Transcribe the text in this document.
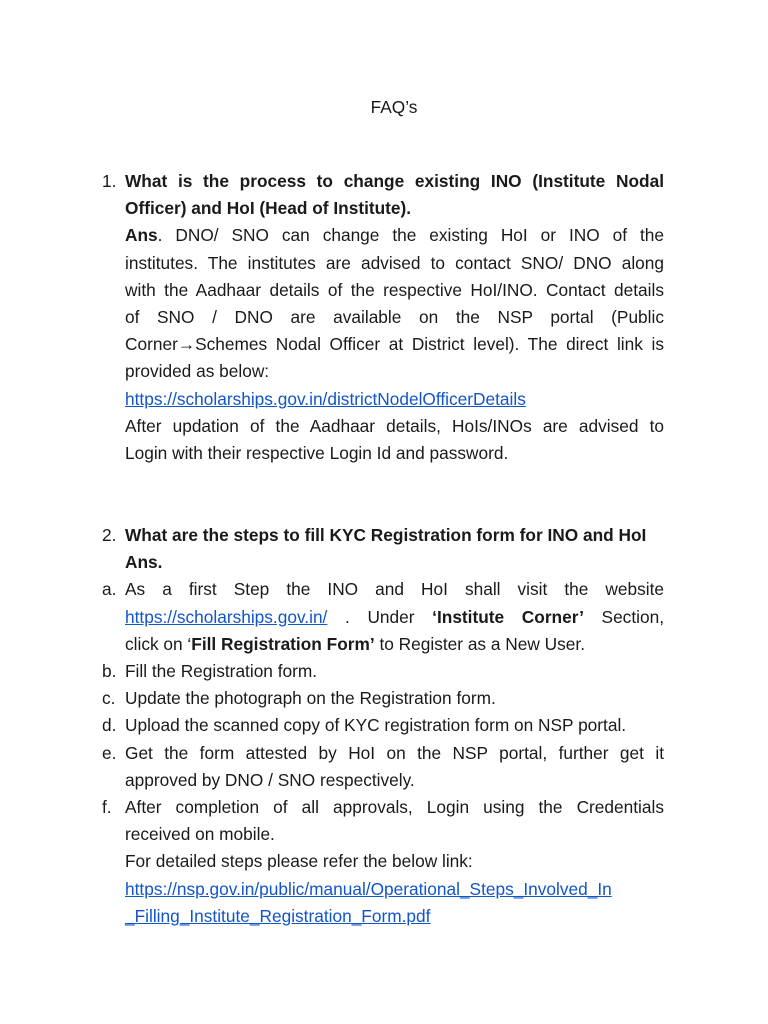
FAQ’s
1. What is the process to change existing INO (Institute Nodal
Officer) and HoI (Head of Institute).
Ans. DNO/ SNO can change the existing HoI or INO of the
institutes. The institutes are advised to contact SNO/ DNO along
with the Aadhaar details of the respective HoI/INO. Contact details
of SNO / DNO are available on the NSP portal (Public
Corner→Schemes Nodal Officer at District level). The direct link is
provided as below:
https://scholarships.gov.in/districtNodelOfficerDetails
After updation of the Aadhaar details, HoIs/INOs are advised to
Login with their respective Login Id and password.
2. What are the steps to fill KYC Registration form for INO and HoI
Ans.
a. As a first Step the INO and HoI shall visit the website
https://scholarships.gov.in/ . Under ‘Institute Corner’ Section,
click on ‘Fill Registration Form’ to Register as a New User.
b. Fill the Registration form.
c. Update the photograph on the Registration form.
d. Upload the scanned copy of KYC registration form on NSP portal.
e. Get the form attested by HoI on the NSP portal, further get it
approved by DNO / SNO respectively.
f. After completion of all approvals, Login using the Credentials
received on mobile.
For detailed steps please refer the below link:
https://nsp.gov.in/public/manual/Operational_Steps_Involved_In
_Filling_Institute_Registration_Form.pdf
